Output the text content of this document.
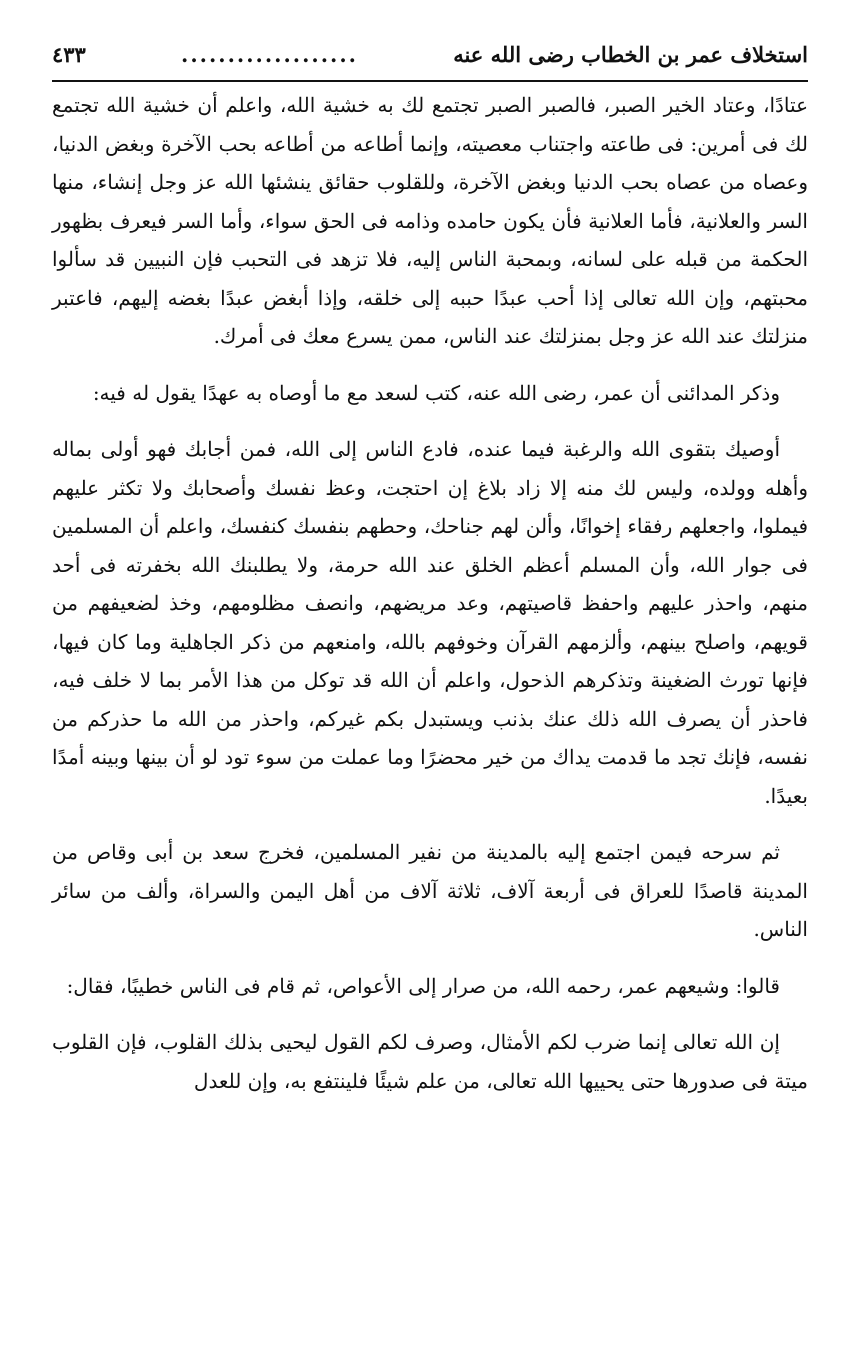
استخلاف عمر بن الخطاب رضى الله عنه
...................
٤٣٣

عتادًا، وعتاد الخير الصبر، فالصبر الصبر تجتمع لك به خشية الله، واعلم أن خشية الله تجتمع لك فى أمرين: فى طاعته واجتناب معصيته، وإنما أطاعه من أطاعه بحب الآخرة وبغض الدنيا، وعصاه من عصاه بحب الدنيا وبغض الآخرة، وللقلوب حقائق ينشئها الله عز وجل إنشاء، منها السر والعلانية، فأما العلانية فأن يكون حامده وذامه فى الحق سواء، وأما السر فيعرف بظهور الحكمة من قبله على لسانه، وبمحبة الناس إليه، فلا تزهد فى التحبب فإن النبيين قد سألوا محبتهم، وإن الله تعالى إذا أحب عبدًا حببه إلى خلقه، وإذا أبغض عبدًا بغضه إليهم، فاعتبر منزلتك عند الله عز وجل بمنزلتك عند الناس، ممن يسرع معك فى أمرك.

وذكر المدائنى أن عمر، رضى الله عنه، كتب لسعد مع ما أوصاه به عهدًا يقول له فيه:

أوصيك بتقوى الله والرغبة فيما عنده، فادع الناس إلى الله، فمن أجابك فهو أولى بماله وأهله وولده، وليس لك منه إلا زاد بلاغ إن احتجت، وعظ نفسك وأصحابك ولا تكثر عليهم فيملوا، واجعلهم رفقاء إخوانًا، وألن لهم جناحك، وحطهم بنفسك كنفسك، واعلم أن المسلمين فى جوار الله، وأن المسلم أعظم الخلق عند الله حرمة، ولا يطلبنك الله بخفرته فى أحد منهم، واحذر عليهم واحفظ قاصيتهم، وعد مريضهم، وانصف مظلومهم، وخذ لضعيفهم من قويهم، واصلح بينهم، وألزمهم القرآن وخوفهم بالله، وامنعهم من ذكر الجاهلية وما كان فيها، فإنها تورث الضغينة وتذكرهم الذحول، واعلم أن الله قد توكل من هذا الأمر بما لا خلف فيه، فاحذر أن يصرف الله ذلك عنك بذنب ويستبدل بكم غيركم، واحذر من الله ما حذركم من نفسه، فإنك تجد ما قدمت يداك من خير محضرًا وما عملت من سوء تود لو أن بينها وبينه أمدًا بعيدًا.

ثم سرحه فيمن اجتمع إليه بالمدينة من نفير المسلمين، فخرج سعد بن أبى وقاص من المدينة قاصدًا للعراق فى أربعة آلاف، ثلاثة آلاف من أهل اليمن والسراة، وألف من سائر الناس.

قالوا: وشيعهم عمر، رحمه الله، من صرار إلى الأعواص، ثم قام فى الناس خطيبًا، فقال:

إن الله تعالى إنما ضرب لكم الأمثال، وصرف لكم القول ليحيى بذلك القلوب، فإن القلوب ميتة فى صدورها حتى يحييها الله تعالى، من علم شيئًا فلينتفع به، وإن للعدل
